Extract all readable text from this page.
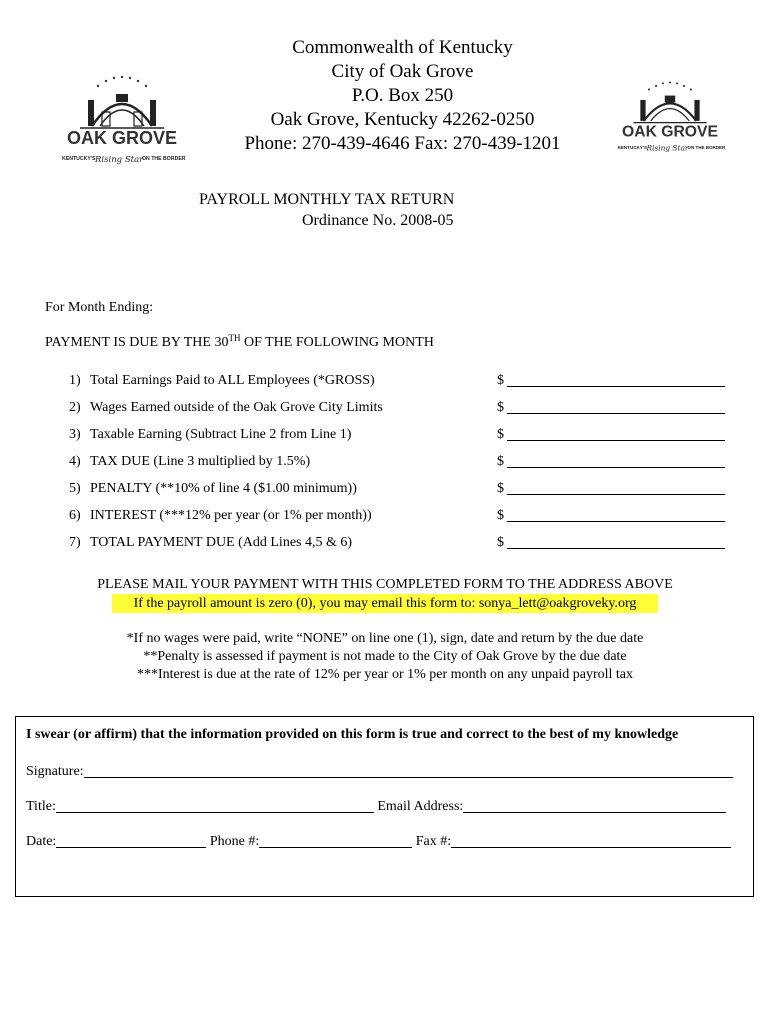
OAK GROVE
KENTUCKY'S Rising Star
ON THE BORDER
OAK GROVE
KENTUCKY'S Rising Star
ON THE BORDER
Commonwealth of Kentucky
City of Oak Grove
P.O. Box 250
Oak Grove, Kentucky 42262-0250
Phone: 270-439-4646 Fax: 270-439-1201
PAYROLL MONTHLY TAX RETURN
Ordinance No. 2008-05
For Month Ending:
PAYMENT IS DUE BY THE 30TH OF THE FOLLOWING MONTH
1) Total Earnings Paid to ALL Employees (*GROSS)	$
2) Wages Earned outside of the Oak Grove City Limits	$
3) Taxable Earning (Subtract Line 2 from Line 1)	$
4) TAX DUE (Line 3 multiplied by 1.5%)	$
5) PENALTY (**10% of line 4 ($1.00 minimum))	$
6) INTEREST (***12% per year (or 1% per month))	$
7) TOTAL PAYMENT DUE (Add Lines 4,5 & 6)	$
PLEASE MAIL YOUR PAYMENT WITH THIS COMPLETED FORM TO THE ADDRESS ABOVE
If the payroll amount is zero (0), you may email this form to: sonya_lett@oakgroveky.org
*If no wages were paid, write “NONE” on line one (1), sign, date and return by the due date
**Penalty is assessed if payment is not made to the City of Oak Grove by the due date
***Interest is due at the rate of 12% per year or 1% per month on any unpaid payroll tax
I swear (or affirm) that the information provided on this form is true and correct to the best of my knowledge
Signature:

Title:	Email Address:

Date:	Phone #:	Fax #:
